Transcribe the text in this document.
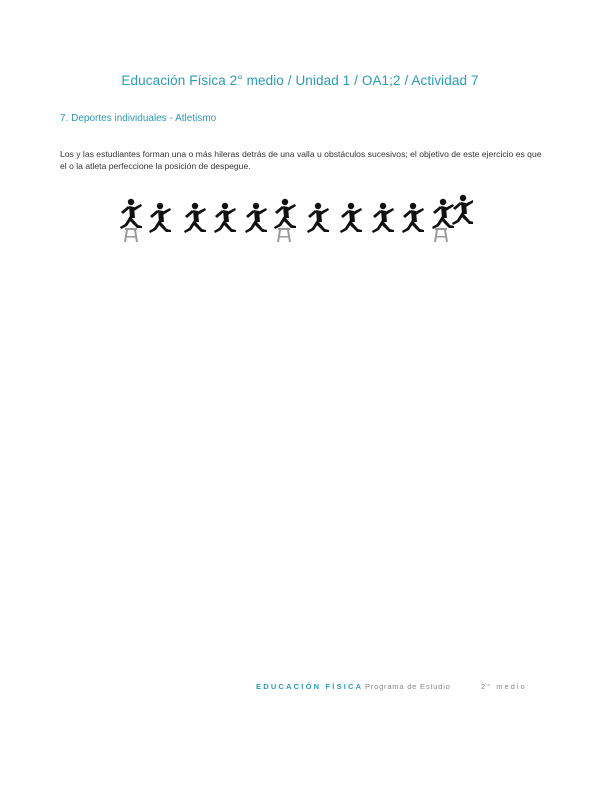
Educación Física 2° medio / Unidad 1 / OA1;2 / Actividad 7
7. Deportes individuales - Atletismo
Los y las estudiantes forman una o más hileras detrás de una valla u obstáculos sucesivos; el objetivo de este ejercicio es que el o la atleta perfeccione la posición de despegue.
EDUCACIÓN FÍSICA Programa de Estudio	2° medio
